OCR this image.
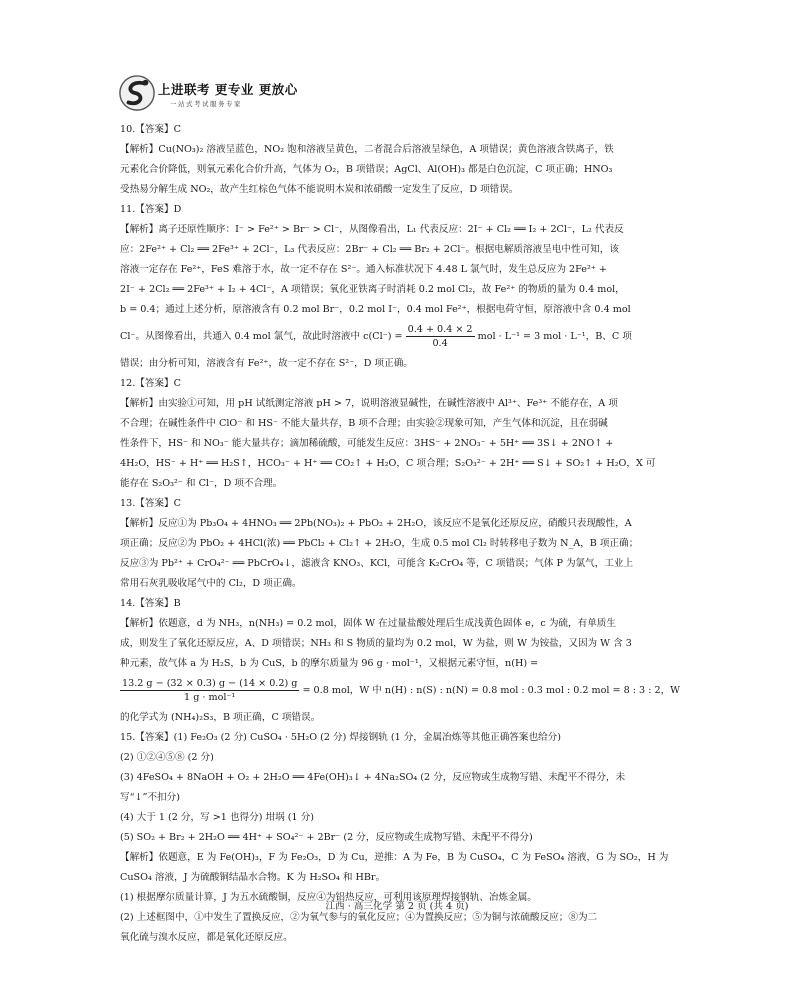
上进联考 更专业 更放心
一站式考试服务专家
10.【答案】C
【解析】Cu(NO₃)₂ 溶液呈蓝色，NO₂ 饱和溶液呈黄色，二者混合后溶液呈绿色，A 项错误；黄色溶液含铁离子，铁
元素化合价降低，则氧元素化合价升高，气体为 O₂，B 项错误；AgCl、Al(OH)₃ 都是白色沉淀，C 项正确；HNO₃
受热易分解生成 NO₂，故产生红棕色气体不能说明木炭和浓硝酸一定发生了反应，D 项错误。
11.【答案】D
【解析】离子还原性顺序：I⁻ > Fe²⁺ > Br⁻ > Cl⁻，从图像看出，L₁ 代表反应：2I⁻ + Cl₂ ══ I₂ + 2Cl⁻，L₂ 代表反
应：2Fe²⁺ + Cl₂ ══ 2Fe³⁺ + 2Cl⁻，L₃ 代表反应：2Br⁻ + Cl₂ ══ Br₂ + 2Cl⁻。根据电解质溶液呈电中性可知，该
溶液一定存在 Fe²⁺，FeS 难溶于水，故一定不存在 S²⁻。通入标准状况下 4.48 L 氯气时，发生总反应为 2Fe²⁺ +
2I⁻ + 2Cl₂ ══ 2Fe³⁺ + I₂ + 4Cl⁻，A 项错误；氧化亚铁离子时消耗 0.2 mol Cl₂，故 Fe²⁺ 的物质的量为 0.4 mol，
b = 0.4；通过上述分析，原溶液含有 0.2 mol Br⁻，0.2 mol I⁻，0.4 mol Fe²⁺，根据电荷守恒，原溶液中含 0.4 mol
Cl⁻。从图像看出，共通入 0.4 mol 氯气，故此时溶液中 $c(Cl^-) = \frac{0.4 + 0.4 \times 2}{0.4}$ mol · L⁻¹ = 3 mol · L⁻¹，B、C 项
错误；由分析可知，溶液含有 Fe²⁺，故一定不存在 S²⁻，D 项正确。
12.【答案】C
【解析】由实验①可知，用 pH 试纸测定溶液 pH > 7，说明溶液显碱性，在碱性溶液中 Al³⁺、Fe³⁺ 不能存在，A 项
不合理；在碱性条件中 ClO⁻ 和 HS⁻ 不能大量共存，B 项不合理；由实验②现象可知，产生气体和沉淀，且在弱碱
性条件下，HS⁻ 和 NO₃⁻ 能大量共存；滴加稀硫酸，可能发生反应：3HS⁻ + 2NO₃⁻ + 5H⁺ ══ 3S↓ + 2NO↑ +
4H₂O，HS⁻ + H⁺ ══ H₂S↑，HCO₃⁻ + H⁺ ══ CO₂↑ + H₂O，C 项合理；S₂O₃²⁻ + 2H⁺ ══ S↓ + SO₂↑ + H₂O，X 可
能存在 S₂O₃²⁻ 和 Cl⁻，D 项不合理。
13.【答案】C
【解析】反应①为 Pb₃O₄ + 4HNO₃ ══ 2Pb(NO₃)₂ + PbO₂ + 2H₂O，该反应不是氧化还原反应，硝酸只表现酸性，A
项正确；反应②为 PbO₂ + 4HCl(浓) ══ PbCl₂ + Cl₂↑ + 2H₂O，生成 0.5 mol Cl₂ 时转移电子数为 N_A，B 项正确；
反应③为 Pb²⁺ + CrO₄²⁻ ══ PbCrO₄↓，滤液含 KNO₃、KCl，可能含 K₂CrO₄ 等，C 项错误；气体 P 为氯气，工业上
常用石灰乳吸收尾气中的 Cl₂，D 项正确。
14.【答案】B
【解析】依题意，d 为 NH₃，n(NH₃) = 0.2 mol，固体 W 在过量盐酸处理后生成浅黄色固体 e，c 为硫，有单质生
成，则发生了氧化还原反应，A、D 项错误；NH₃ 和 S 物质的量均为 0.2 mol，W 为盐，则 W 为铵盐，又因为 W 含 3
种元素，故气体 a 为 H₂S，b 为 CuS，b 的摩尔质量为 96 g · mol⁻¹，又根据元素守恒，n(H) =
$\frac{13.2 g - (32 \times 0.3) g - (14 \times 0.2) g}{\text{1 g · mol⁻¹}} = 0.8$ mol，W 中 n(H) : n(S) : n(N) = 0.8 mol : 0.3 mol : 0.2 mol = 8 : 3 : 2，W
的化学式为 (NH₄)₂S₃，B 项正确，C 项错误。
15.【答案】(1) Fe₂O₃ (2 分) CuSO₄ · 5H₂O (2 分) 焊接钢轨 (1 分，金属冶炼等其他正确答案也给分)
(2) ①②④⑤⑧ (2 分)
(3) 4FeSO₄ + 8NaOH + O₂ + 2H₂O ══ 4Fe(OH)₃↓ + 4Na₂SO₄ (2 分，反应物或生成物写错、未配平不得分，未
写“↓”不扣分)
(4) 大于 1 (2 分，写 >1 也得分) 坩埚 (1 分)
(5) SO₂ + Br₂ + 2H₂O ══ 4H⁺ + SO₄²⁻ + 2Br⁻ (2 分，反应物或生成物写错、未配平不得分)
【解析】依题意，E 为 Fe(OH)₃，F 为 Fe₂O₃，D 为 Cu，逆推：A 为 Fe，B 为 CuSO₄，C 为 FeSO₄ 溶液，G 为 SO₂，H 为
CuSO₄ 溶液，J 为硫酸铜结晶水合物。K 为 H₂SO₄ 和 HBr。
(1) 根据摩尔质量计算，J 为五水硫酸铜，反应④为铝热反应，可利用该原理焊接钢轨、冶炼金属。
(2) 上述框图中，①中发生了置换反应，②为氧气参与的氧化反应；④为置换反应；⑤为铜与浓硫酸反应；⑧为二
氧化硫与溴水反应，都是氧化还原反应。
江西 · 高三化学 第 2 页 (共 4 页)
